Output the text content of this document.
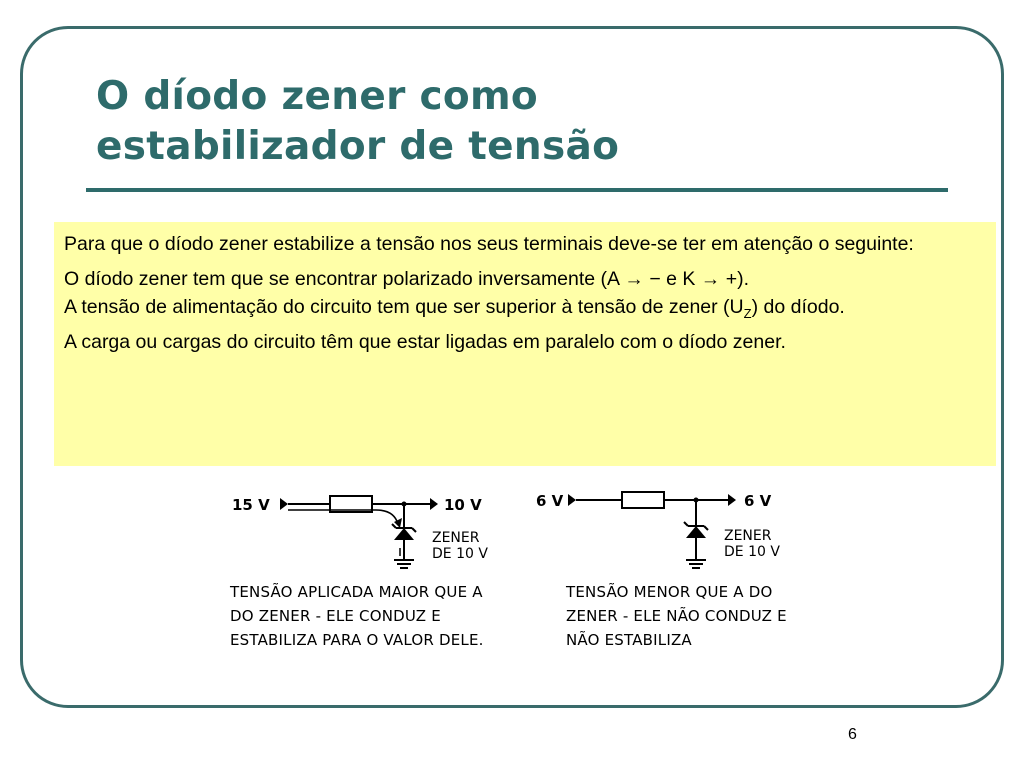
O díodo zener como
estabilizador de tensão

Para que o díodo zener estabilize a tensão nos seus terminais deve-se ter em atenção o seguinte:

O díodo zener tem que se encontrar polarizado inversamente (A → − e K → +).

A tensão de alimentação do circuito tem que ser superior à tensão de zener $(U_Z)$ do díodo.

A carga ou cargas do circuito têm que estar ligadas em paralelo com o díodo zener.

15 V	10 V
ZENER
DE 10 V

TENSÃO APLICADA MAIOR QUE A
DO ZENER - ELE CONDUZ E
ESTABILIZA PARA O VALOR DELE.

6 V	6 V
ZENER
DE 10 V

TENSÃO MENOR QUE A DO
ZENER - ELE NÃO CONDUZ E
NÃO ESTABILIZA

6
